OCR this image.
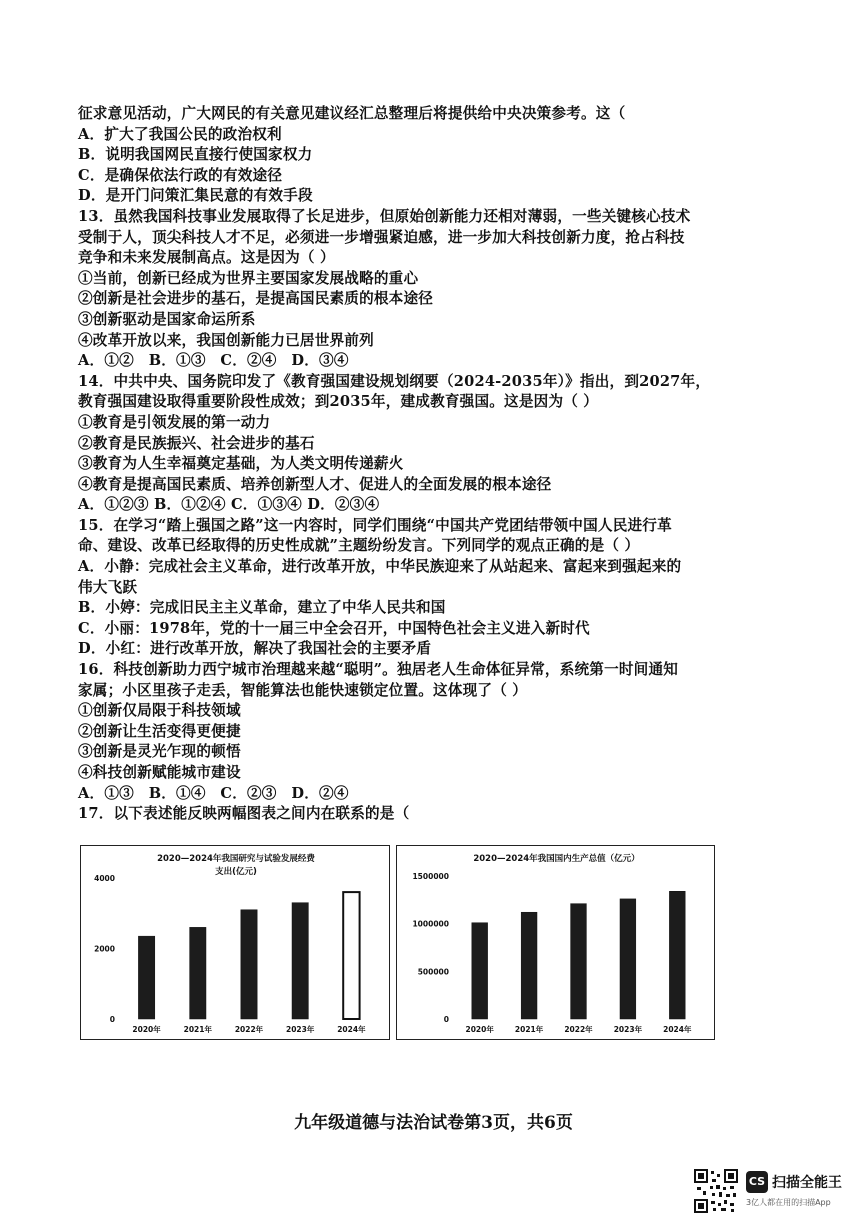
征求意见活动，广大网民的有关意见建议经汇总整理后将提供给中央决策参考。这（
A．扩大了我国公民的政治权利
B．说明我国网民直接行使国家权力
C．是确保依法行政的有效途径
D．是开门问策汇集民意的有效手段
13．虽然我国科技事业发展取得了长足进步，但原始创新能力还相对薄弱，一些关键核心技术
受制于人，顶尖科技人才不足，必须进一步增强紧迫感，进一步加大科技创新力度，抢占科技
竞争和未来发展制高点。这是因为（ ）
①当前，创新已经成为世界主要国家发展战略的重心
②创新是社会进步的基石，是提高国民素质的根本途径
③创新驱动是国家命运所系
④改革开放以来，我国创新能力已居世界前列
A．①②　B．①③　C．②④　D．③④
14．中共中央、国务院印发了《教育强国建设规划纲要（2024-2035年）》指出，到2027年，
教育强国建设取得重要阶段性成效；到2035年，建成教育强国。这是因为（ ）
①教育是引领发展的第一动力
②教育是民族振兴、社会进步的基石
③教育为人生幸福奠定基础，为人类文明传递薪火
④教育是提高国民素质、培养创新型人才、促进人的全面发展的根本途径
A．①②③ B．①②④ C．①③④ D．②③④
15．在学习“踏上强国之路”这一内容时，同学们围绕“中国共产党团结带领中国人民进行革
命、建设、改革已经取得的历史性成就”主题纷纷发言。下列同学的观点正确的是（ ）
A．小静：完成社会主义革命，进行改革开放，中华民族迎来了从站起来、富起来到强起来的
伟大飞跃
B．小婷：完成旧民主主义革命，建立了中华人民共和国
C．小丽：1978年，党的十一届三中全会召开，中国特色社会主义进入新时代
D．小红：进行改革开放，解决了我国社会的主要矛盾
16．科技创新助力西宁城市治理越来越“聪明”。独居老人生命体征异常，系统第一时间通知
家属；小区里孩子走丢，智能算法也能快速锁定位置。这体现了（ ）
①创新仅局限于科技领域
②创新让生活变得更便捷
③创新是灵光乍现的顿悟
④科技创新赋能城市建设
A．①③　B．①④　C．②③　D．②④
17．以下表述能反映两幅图表之间内在联系的是（
2020—2024年我国研究与试验发展经费
支出(亿元)
0
2000
4000
2020年	2021年	2022年	2023年	2024年
2020—2024年我国国内生产总值（亿元）
0
500000
1000000
1500000
2020年	2021年	2022年	2023年	2024年
九年级道德与法治试卷第3页，共6页
CS 扫描全能王
3亿人都在用的扫描App
